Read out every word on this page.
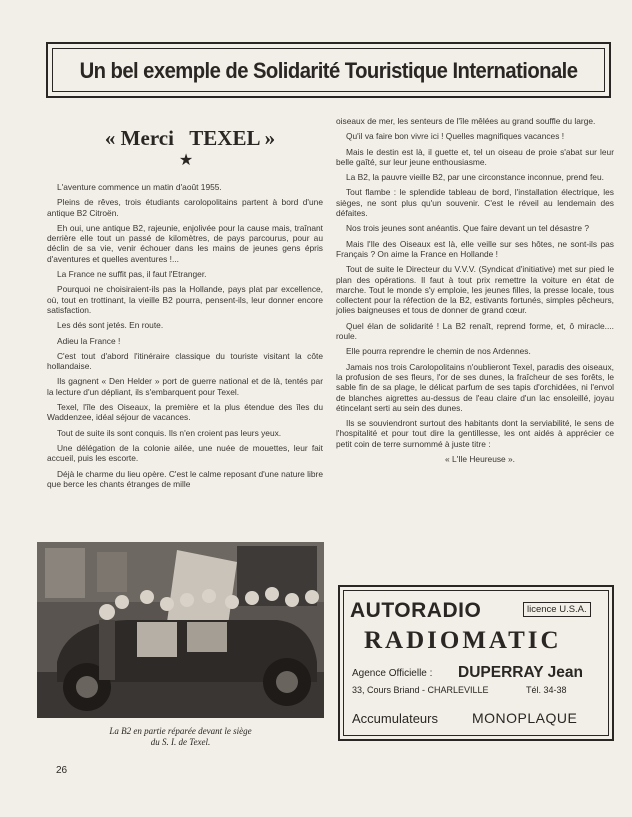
Un bel exemple de Solidarité Touristique Internationale
« Merci   TEXEL »
★

L'aventure commence un matin d'août 1955.

Pleins de rêves, trois étudiants carolopolitains partent à bord d'une antique B2 Citroën.

Eh oui, une antique B2, rajeunie, enjolivée pour la cause mais, traînant derrière elle tout un passé de kilomètres, de pays parcourus, pour au déclin de sa vie, venir échouer dans les mains de jeunes gens épris d'aventures et quelles aventures !...

La France ne suffit pas, il faut l'Etranger.

Pourquoi ne choisiraient-ils pas la Hollande, pays plat par excellence, où, tout en trottinant, la vieille B2 pourra, pensent-ils, leur donner encore satisfaction.

Les dés sont jetés. En route.

Adieu la France !

C'est tout d'abord l'itinéraire classique du touriste visitant la côte hollandaise.

Ils gagnent « Den Helder » port de guerre national et de là, tentés par la lecture d'un dépliant, ils s'embarquent pour Texel.

Texel, l'île des Oiseaux, la première et la plus étendue des îles du Waddenzee, idéal séjour de vacances.

Tout de suite ils sont conquis. Ils n'en croient pas leurs yeux.

Une délégation de la colonie ailée, une nuée de mouettes, leur fait accueil, puis les escorte.

Déjà le charme du lieu opère. C'est le calme reposant d'une nature libre que berce les chants étranges de mille

La B2 en partie réparée devant le siège
du S. I. de Texel.
26

oiseaux de mer, les senteurs de l'île mêlées au grand souffle du large.

Qu'il va faire bon vivre ici ! Quelles magnifiques vacances !

Mais le destin est là, il guette et, tel un oiseau de proie s'abat sur leur belle gaîté, sur leur jeune enthousiasme.

La B2, la pauvre vieille B2, par une circonstance inconnue, prend feu.

Tout flambe : le splendide tableau de bord, l'installation électrique, les sièges, ne sont plus qu'un souvenir. C'est le réveil au lendemain des défaites.

Nos trois jeunes sont anéantis. Que faire devant un tel désastre ?

Mais l'Ile des Oiseaux est là, elle veille sur ses hôtes, ne sont-ils pas Français ? On aime la France en Hollande !

Tout de suite le Directeur du V.V.V. (Syndicat d'initiative) met sur pied le plan des opérations. Il faut à tout prix remettre la voiture en état de marche. Tout le monde s'y emploie, les jeunes filles, la presse locale, tous collectent pour la réfection de la B2, estivants fortunés, simples pêcheurs, jolies baigneuses et tous de donner de grand cœur.

Quel élan de solidarité ! La B2 renaît, reprend forme, et, ô miracle.... roule.

Elle pourra reprendre le chemin de nos Ardennes.

Jamais nos trois Carolopolitains n'oublieront Texel, paradis des oiseaux, la profusion de ses fleurs, l'or de ses dunes, la fraîcheur de ses forêts, le sable fin de sa plage, le délicat parfum de ses tapis d'orchidées, ni l'envol de blanches aigrettes au-dessus de l'eau claire d'un lac ensoleillé, joyau étincelant serti au sein des dunes.

Ils se souviendront surtout des habitants dont la serviabilité, le sens de l'hospitalité et pour tout dire la gentillesse, les ont aidés à apprécier ce petit coin de terre surnommé à juste titre :

« L'Ile Heureuse ».

AUTORADIO	licence U.S.A.
RADIOMATIC
Agence Officielle : DUPERRAY Jean
33, Cours Briand - CHARLEVILLE	Tél. 34-38
Accumulateurs MONOPLAQUE
